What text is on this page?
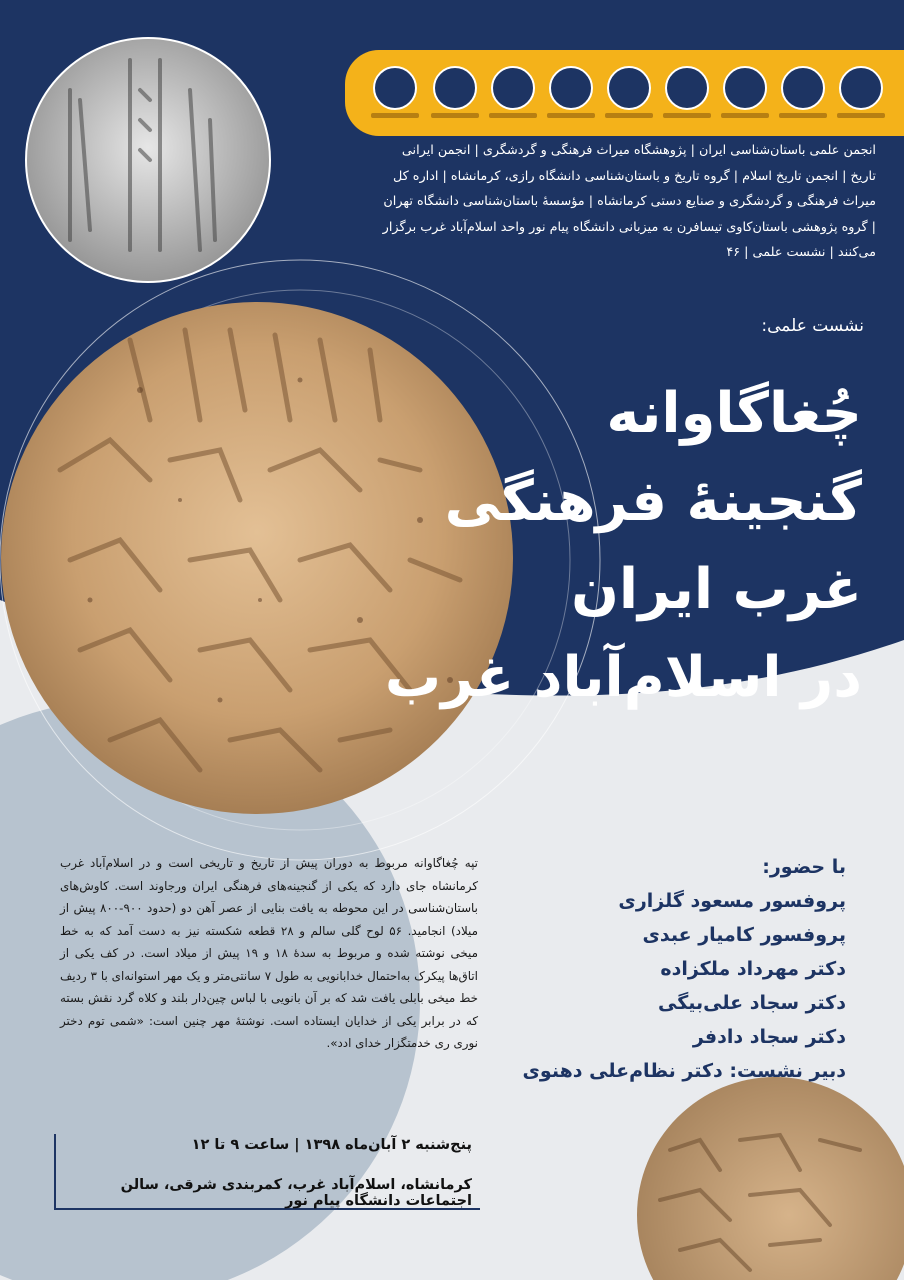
انجمن علمی باستان‌شناسی ایران | پژوهشگاه میراث فرهنگی و گردشگری | انجمن ایرانی تاریخ | انجمن تاریخ اسلام | گروه تاریخ و باستان‌شناسی دانشگاه رازی، کرمانشاه | اداره کل میراث فرهنگی و گردشگری و صنایع دستی کرمانشاه | مؤسسهٔ باستان‌شناسی دانشگاه تهران | گروه پژوهشی باستان‌کاوی تیسافرن به میزبانی دانشگاه پیام نور واحد اسلام‌آباد غرب برگزار می‌کنند | نشست علمی | ۴۶
نشست علمی:
چُغاگاوانه
گنجینهٔ فرهنگی
غرب ایران
در اسلام‌آباد غرب
با حضور:
پروفسور مسعود گلزاری
پروفسور کامیار عبدی
دکتر مهرداد ملکزاده
دکتر سجاد علی‌بیگی
دکتر سجاد دادفر
دبیر نشست: دکتر نظام‌علی دهنوی
تپه چُغاگاوانه مربوط به دوران پیش از تاریخ و تاریخی است و در اسلام‌آباد غرب کرمانشاه جای دارد که یکی از گنجینه‌های فرهنگی ایران ورجاوند است. کاوش‌های باستان‌شناسی در این محوطه به یافت بنایی از عصر آهن دو (حدود ۹۰۰-۸۰۰ پیش از میلاد) انجامید. ۵۶ لوح گلی سالم و ۲۸ قطعه شکسته نیز به دست آمد که به خط میخی نوشته شده و مربوط به سدهٔ ۱۸ و ۱۹ پیش از میلاد است. در کف یکی از اتاق‌ها پیکرک به‌احتمال خدابانویی به طول ۷ سانتی‌متر و یک مهر استوانه‌ای با ۳ ردیف خط میخی بابلی یافت شد که بر آن بانویی با لباس چین‌دار بلند و کلاه گرد نقش بسته که در برابر یکی از خدایان ایستاده است. نوشتهٔ مهر چنین است: «شمی توم دختر نوری ری خدمتگزار خدای ادد».
پنج‌شنبه ۲ آبان‌ماه ۱۳۹۸ | ساعت ۹ تا ۱۲
کرمانشاه، اسلام‌آباد غرب، کمربندی شرقی، سالن اجتماعات دانشگاه پیام نور
